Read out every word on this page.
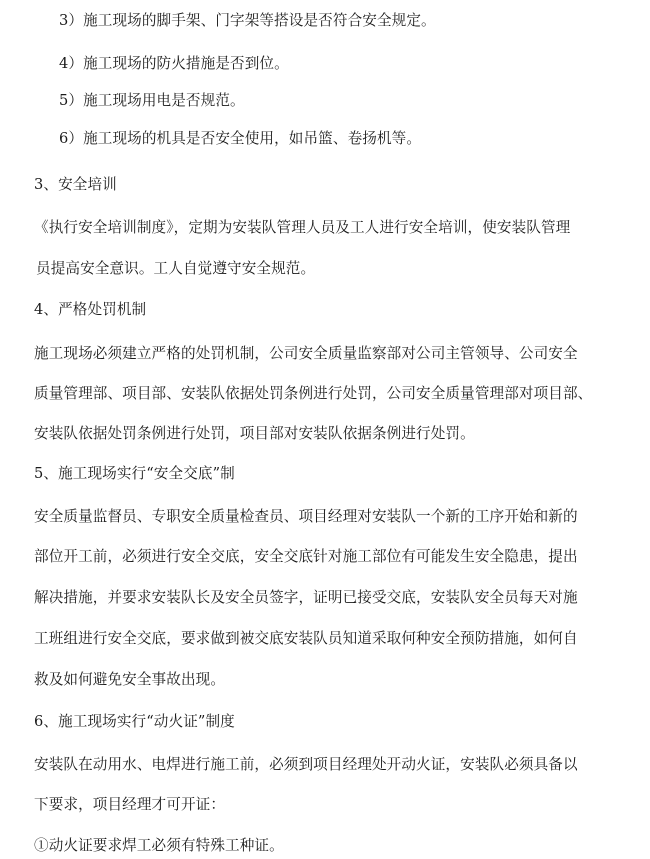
3）施工现场的脚手架、门字架等搭设是否符合安全规定。
4）施工现场的防火措施是否到位。
5）施工现场用电是否规范。
6）施工现场的机具是否安全使用，如吊篮、卷扬机等。
3、安全培训
《执行安全培训制度》，定期为安装队管理人员及工人进行安全培训，使安装队管理
员提高安全意识。工人自觉遵守安全规范。
4、严格处罚机制
施工现场必须建立严格的处罚机制，公司安全质量监察部对公司主管领导、公司安全
质量管理部、项目部、安装队依据处罚条例进行处罚，公司安全质量管理部对项目部、
安装队依据处罚条例进行处罚，项目部对安装队依据条例进行处罚。
5、施工现场实行“安全交底”制
安全质量监督员、专职安全质量检查员、项目经理对安装队一个新的工序开始和新的
部位开工前，必须进行安全交底，安全交底针对施工部位有可能发生安全隐患，提出
解决措施，并要求安装队长及安全员签字，证明已接受交底，安装队安全员每天对施
工班组进行安全交底，要求做到被交底安装队员知道采取何种安全预防措施，如何自
救及如何避免安全事故出现。
6、施工现场实行“动火证”制度
安装队在动用水、电焊进行施工前，必须到项目经理处开动火证，安装队必须具备以
下要求，项目经理才可开证：
①动火证要求焊工必须有特殊工种证。
